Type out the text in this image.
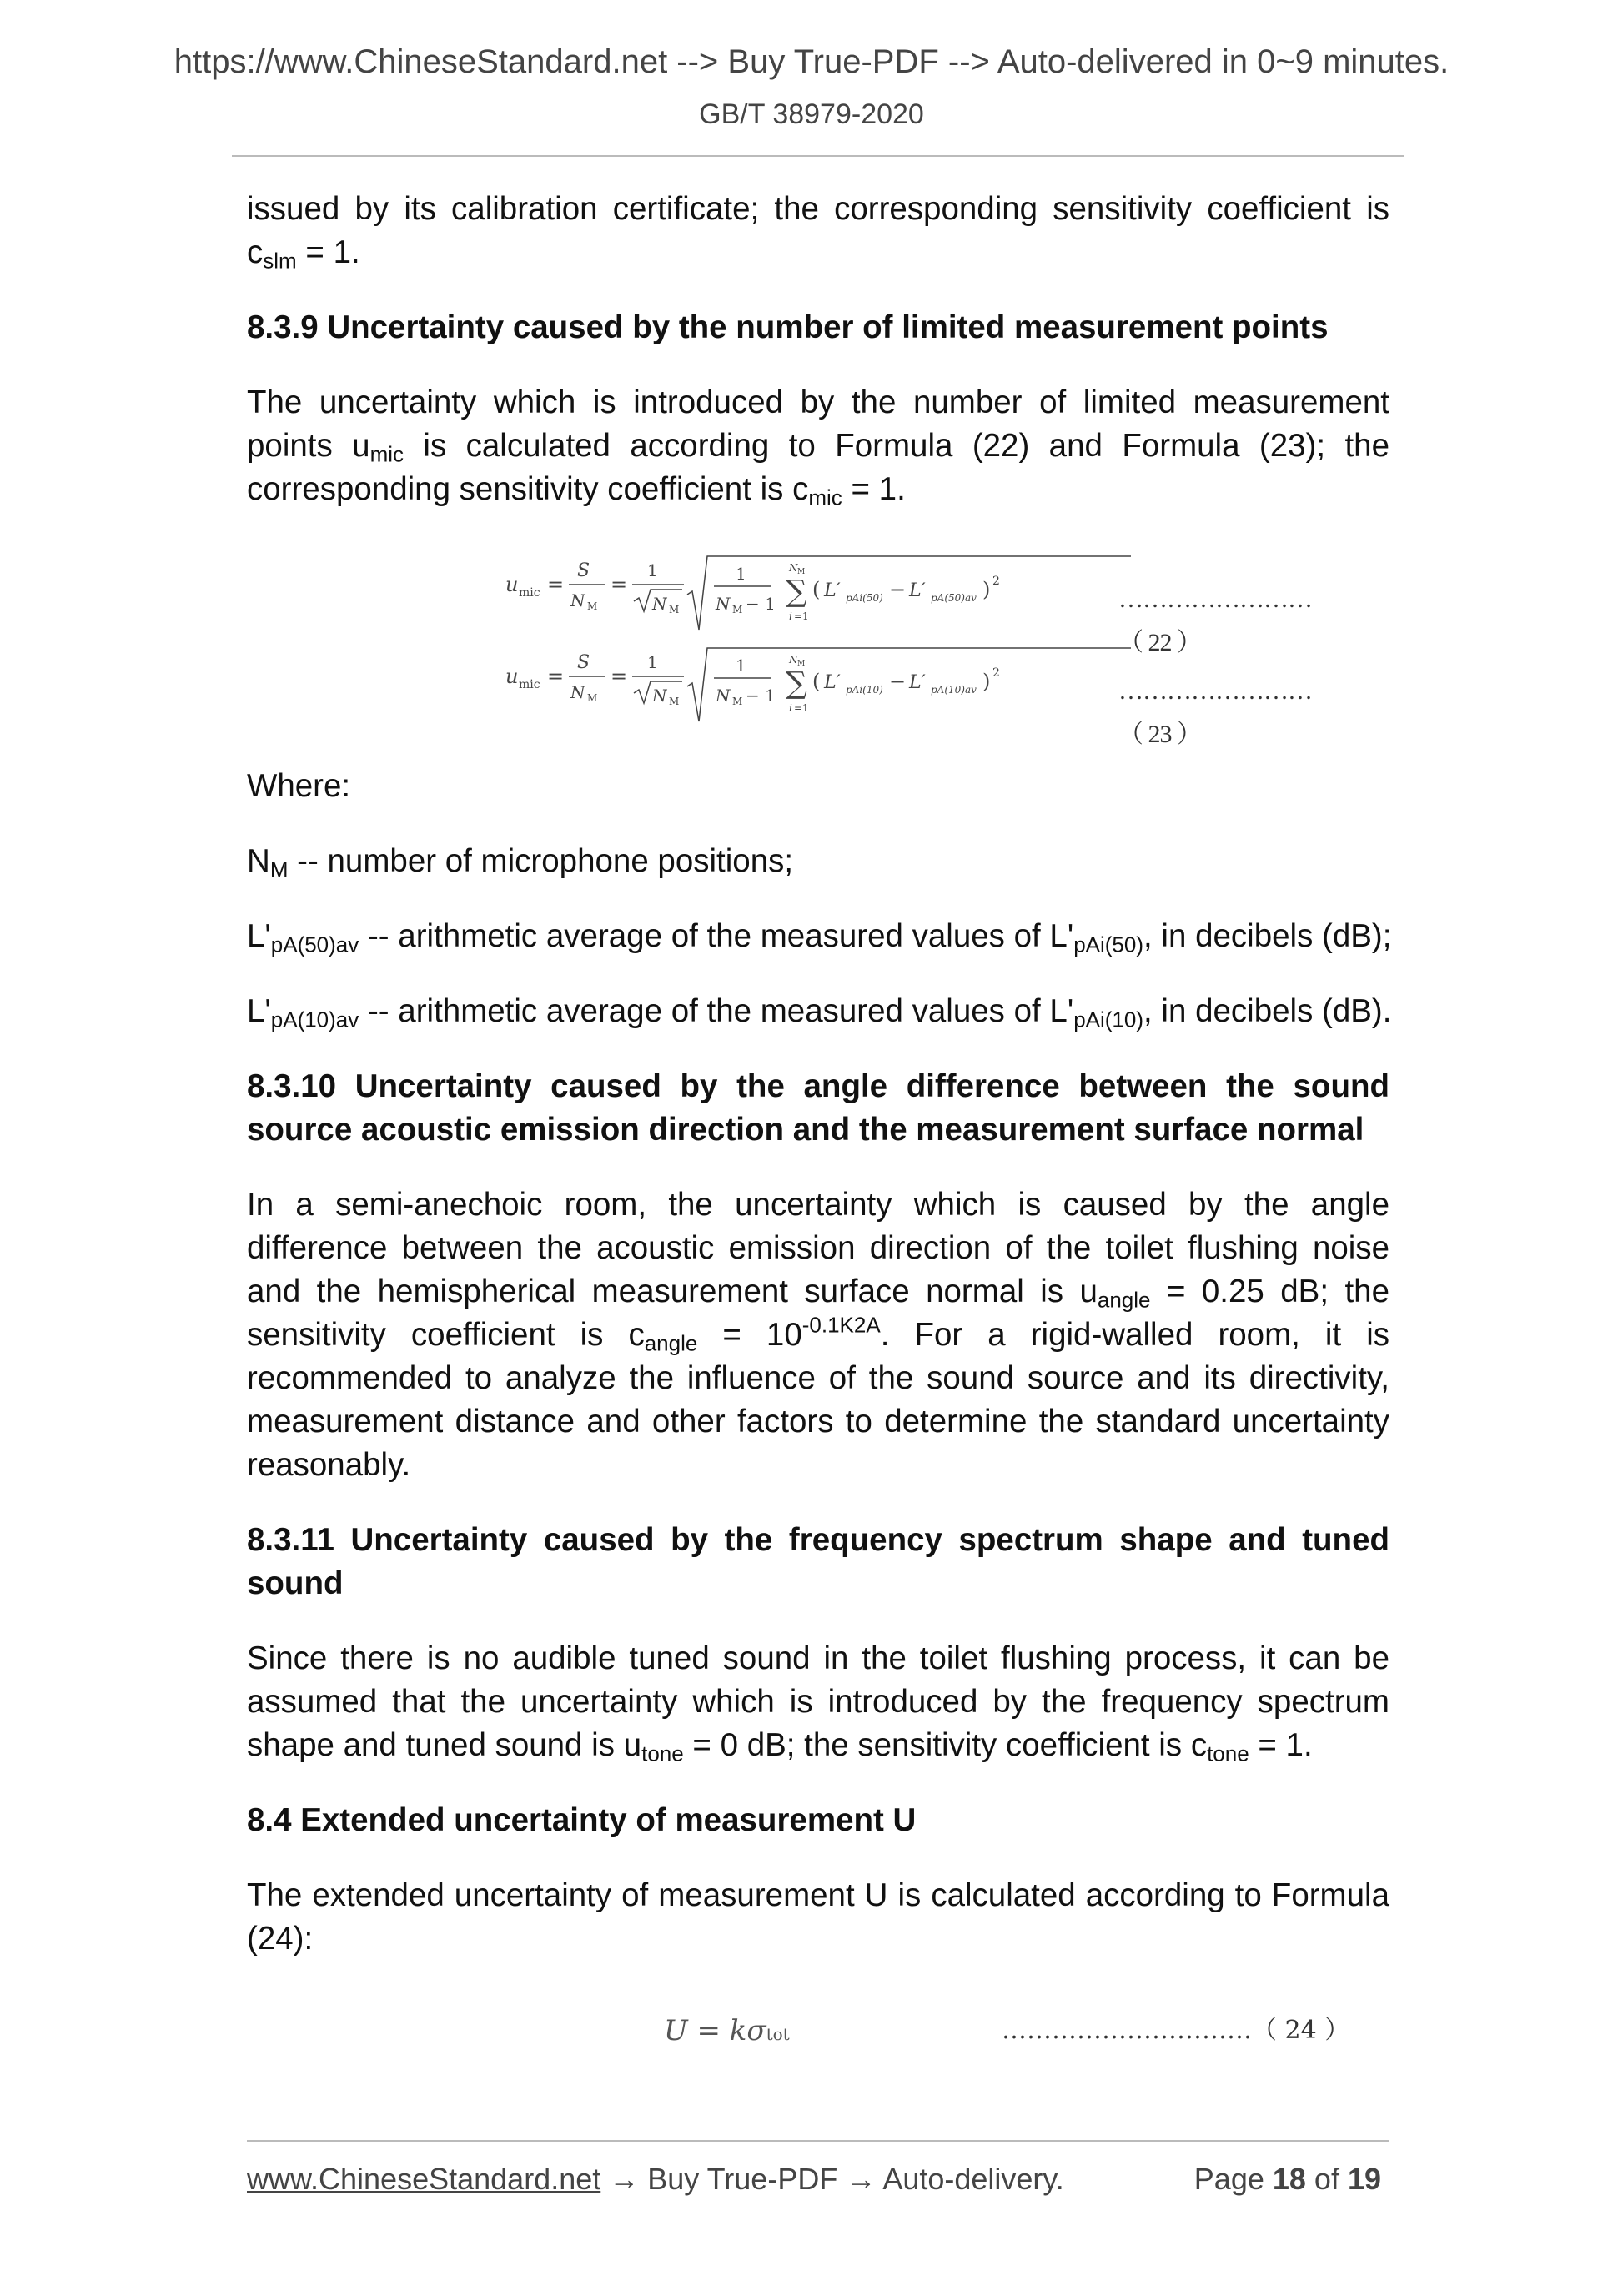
https://www.ChineseStandard.net --> Buy True-PDF --> Auto-delivered in 0~9 minutes.
GB/T 38979-2020

issued by its calibration certificate; the corresponding sensitivity coefficient is $c_{slm} = 1$.

8.3.9 Uncertainty caused by the number of limited measurement points

The uncertainty which is introduced by the number of limited measurement points $u_{mic}$ is calculated according to Formula (22) and Formula (23); the corresponding sensitivity coefficient is $c_{mic} = 1$.

u mic =
S
N M
=
1
N M
1
N M − 1 ∑
N M
i =1
( L′ pAi(50) − L′ pA(50)av ) 2
……………………（ 22 ）
u mic =
S
N M
=
1
N M
1
N M − 1 ∑
N M
i =1
( L′ pAi(10) − L′ pA(10)av ) 2
……………………（ 23 ）

Where:

$N_M$ -- number of microphone positions;

$L'_{pA(50)av}$ -- arithmetic average of the measured values of $L'_{pAi(50)}$, in decibels (dB);

$L'_{pA(10)av}$ -- arithmetic average of the measured values of $L'_{pAi(10)}$, in decibels (dB).

8.3.10 Uncertainty caused by the angle difference between the sound source acoustic emission direction and the measurement surface normal

In a semi-anechoic room, the uncertainty which is caused by the angle difference between the acoustic emission direction of the toilet flushing noise and the hemispherical measurement surface normal is $u_{angle} = 0.25$ dB; the sensitivity coefficient is $c_{angle} = 10^{-0.1K2A}$. For a rigid-walled room, it is recommended to analyze the influence of the sound source and its directivity, measurement distance and other factors to determine the standard uncertainty reasonably.

8.3.11 Uncertainty caused by the frequency spectrum shape and tuned sound

Since there is no audible tuned sound in the toilet flushing process, it can be assumed that the uncertainty which is introduced by the frequency spectrum shape and tuned sound is $u_{tone} = 0$ dB; the sensitivity coefficient is $c_{tone} = 1$.

8.4 Extended uncertainty of measurement U

The extended uncertainty of measurement U is calculated according to Formula (24):

U = kσtot	…………………………（ 24 ）
www.ChineseStandard.net → Buy True-PDF → Auto-delivery.	Page 18 of 19
